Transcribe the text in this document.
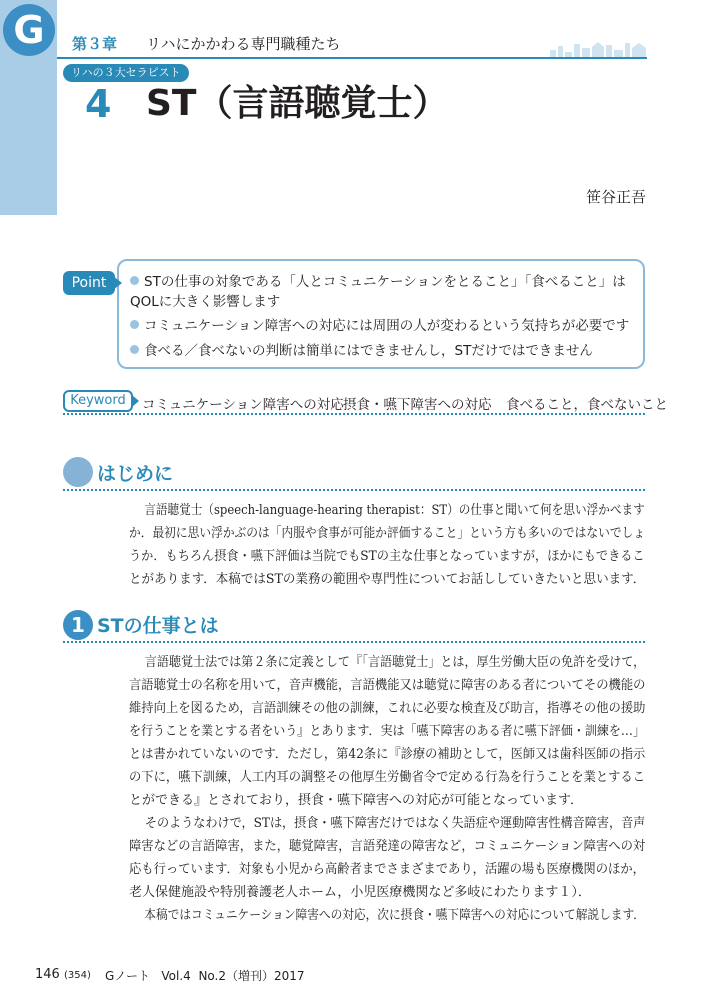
G	第３章 リハにかかわる専門職種たち
リハの３大セラピスト
4 ST（言語聴覚士）
笹谷正吾
Point	STの仕事の対象である「人とコミュニケーションをとること」「食べること」はQOLに大きく影響します
コミュニケーション障害への対応には周囲の人が変わるという気持ちが必要です
食べる／食べないの判断は簡単にはできませんし，STだけではできません
Keyword	コミュニケーション障害への対応 摂食・嚥下障害への対応 食べること，食べないこと
はじめに
言語聴覚士（speech-language-hearing therapist：ST）の仕事と聞いて何を思い浮かべます
か．最初に思い浮かぶのは「内服や食事が可能か評価すること」という方も多いのではないでしょ
うか．もちろん摂食・嚥下評価は当院でもSTの主な仕事となっていますが，ほかにもできるこ
とがあります．本稿ではSTの業務の範囲や専門性についてお話ししていきたいと思います．
1 STの仕事とは
言語聴覚士法では第２条に定義として『「言語聴覚士」とは，厚生労働大臣の免許を受けて，
言語聴覚士の名称を用いて，音声機能，言語機能又は聴覚に障害のある者についてその機能の
維持向上を図るため，言語訓練その他の訓練，これに必要な検査及び助言，指導その他の援助
を行うことを業とする者をいう』とあります．実は「嚥下障害のある者に嚥下評価・訓練を…」
とは書かれていないのです．ただし，第42条に『診療の補助として，医師又は歯科医師の指示
の下に，嚥下訓練，人工内耳の調整その他厚生労働省令で定める行為を行うことを業とするこ
とができる』とされており，摂食・嚥下障害への対応が可能となっています．
そのようなわけで，STは，摂食・嚥下障害だけではなく失語症や運動障害性構音障害，音声
障害などの言語障害，また，聴覚障害，言語発達の障害など，コミュニケーション障害への対
応も行っています．対象も小児から高齢者までさまざまであり，活躍の場も医療機関のほか，
老人保健施設や特別養護老人ホーム，小児医療機関など多岐にわたります１）．
本稿ではコミュニケーション障害への対応，次に摂食・嚥下障害への対応について解説します．
146 (354) Gノート Vol.4 No.2（増刊）2017
